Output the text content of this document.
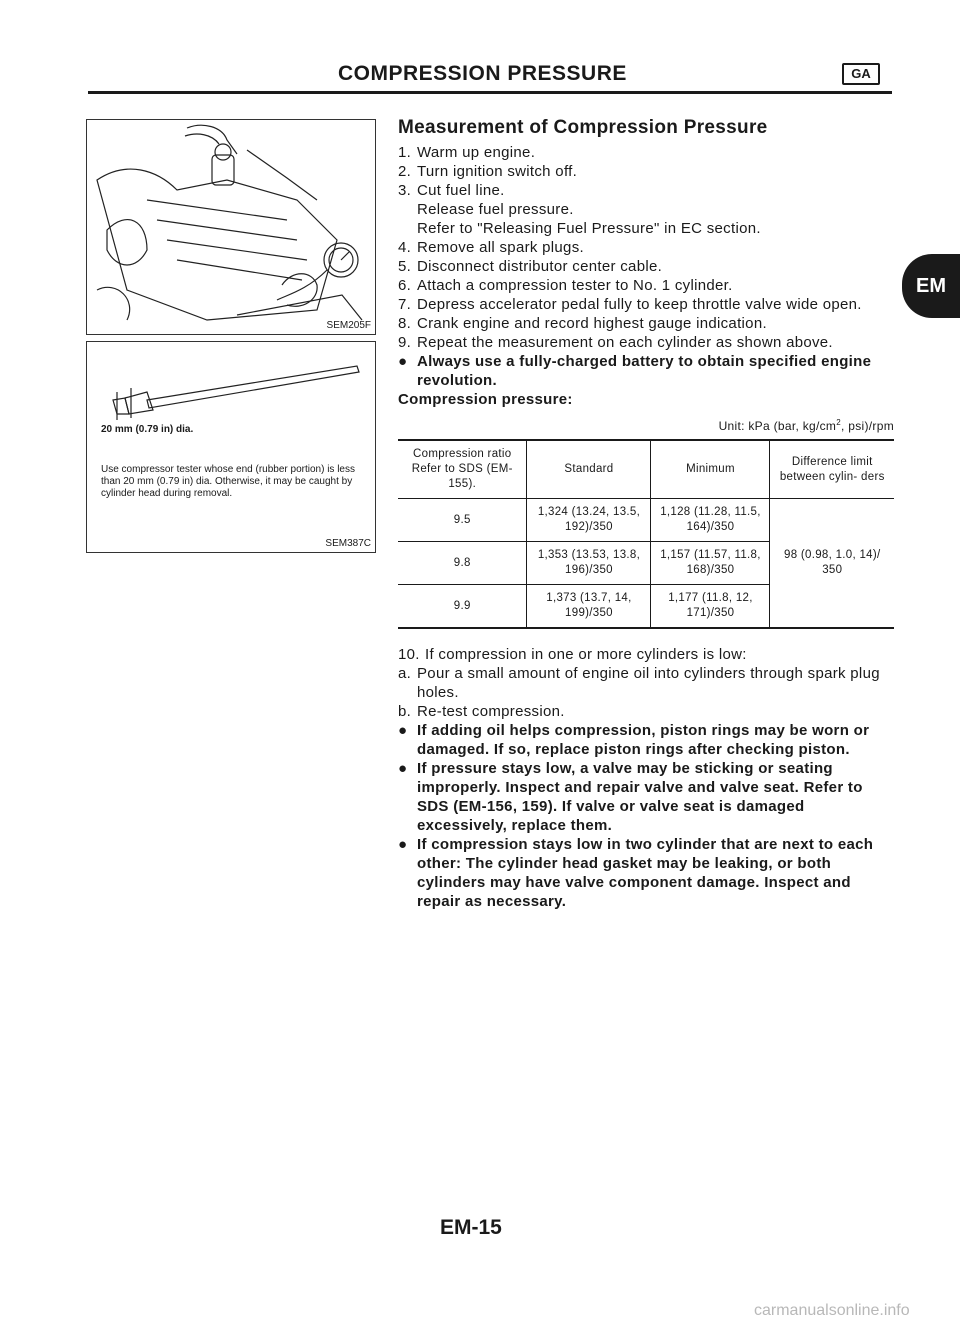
COMPRESSION PRESSURE	GA
EM
SEM205F
20 mm (0.79 in) dia.
Use compressor tester whose end (rubber portion) is less than 20 mm (0.79 in) dia. Otherwise, it may be caught by cylinder head during removal.
SEM387C
Measurement of Compression Pressure
1. Warm up engine.
2. Turn ignition switch off.
3. Cut fuel line.
Release fuel pressure.
Refer to "Releasing Fuel Pressure" in EC section.
4. Remove all spark plugs.
5. Disconnect distributor center cable.
6. Attach a compression tester to No. 1 cylinder.
7. Depress accelerator pedal fully to keep throttle valve wide open.
8. Crank engine and record highest gauge indication.
9. Repeat the measurement on each cylinder as shown above.
● Always use a fully-charged battery to obtain specified engine revolution.
Compression pressure:
Unit: kPa (bar, $kg/cm^2$, psi)/rpm
Compression ratio Refer to SDS (EM-155).	Standard	Minimum	Difference limit between cylin- ders
9.5	1,324 (13.24, 13.5, 192)/350	1,128 (11.28, 11.5, 164)/350	98 (0.98, 1.0, 14)/ 350
9.8	1,353 (13.53, 13.8, 196)/350	1,157 (11.57, 11.8, 168)/350	
9.9	1,373 (13.7, 14, 199)/350	1,177 (11.8, 12, 171)/350	
10. If compression in one or more cylinders is low:
a. Pour a small amount of engine oil into cylinders through spark plug holes.
b. Re-test compression.
● If adding oil helps compression, piston rings may be worn or damaged. If so, replace piston rings after checking piston.
● If pressure stays low, a valve may be sticking or seating improperly. Inspect and repair valve and valve seat. Refer to SDS (EM-156, 159). If valve or valve seat is damaged excessively, replace them.
● If compression stays low in two cylinder that are next to each other: The cylinder head gasket may be leaking, or both cylinders may have valve component damage. Inspect and repair as necessary.
EM-15
carmanualsonline.info
